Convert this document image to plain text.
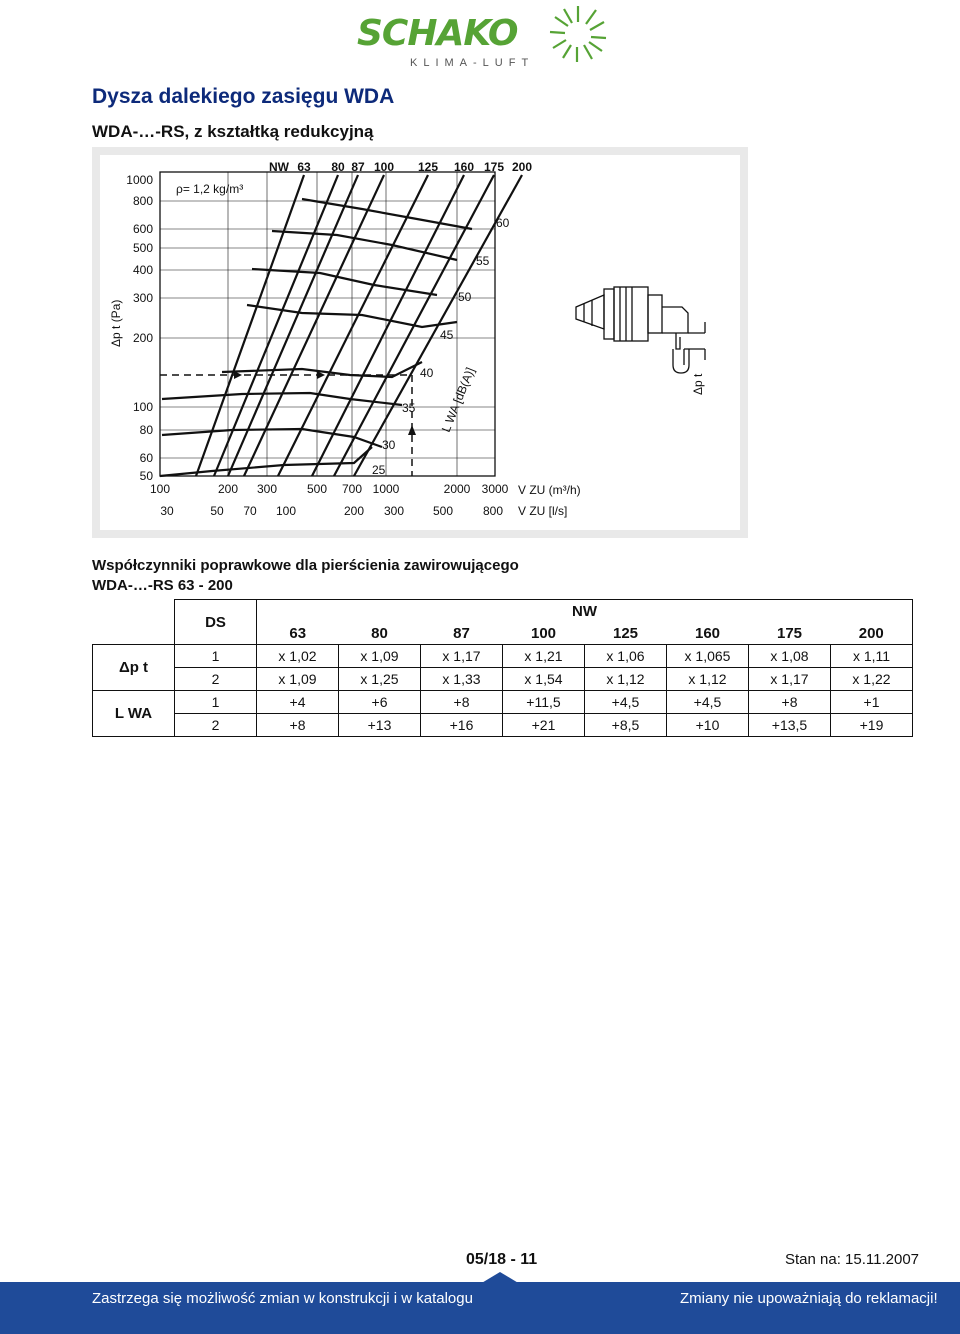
SCHAKO
KLIMA-LUFT
Dysza dalekiego zasięgu WDA
WDA-…-RS, z kształtką redukcyjną
1000
800
600
500
400
300
200
100
80
60
50
100	200 300 500 700 1000	2000 3000
30	50 70 100	200 300 500 800
63 80 87 100 125 160 175 200
25
30
35
40
45
50
55
60
ρ= 1,2 kg/m³
NW
Δp t (Pa)
V ZU (m³/h)
V ZU [l/s]
L WA [dB(A)]	Δp t
Współczynniki poprawkowe dla pierścienia zawirowującego
WDA-…-RS 63 - 200
	DS	NW							
		63	80	87	100	125	160	175	200
Δp t	1	x 1,02	x 1,09	x 1,17	x 1,21	x 1,06	x 1,065	x 1,08	x 1,11
	2	x 1,09	x 1,25	x 1,33	x 1,54	x 1,12	x 1,12	x 1,17	x 1,22
L WA	1	+4	+6	+8	+11,5	+4,5	+4,5	+8	+1
	2	+8	+13	+16	+21	+8,5	+10	+13,5	+19
05/18 - 11	Stan na: 15.11.2007
Zastrzega się możliwość zmian w konstrukcji i w katalogu	Zmiany nie upoważniają do reklamacji!
